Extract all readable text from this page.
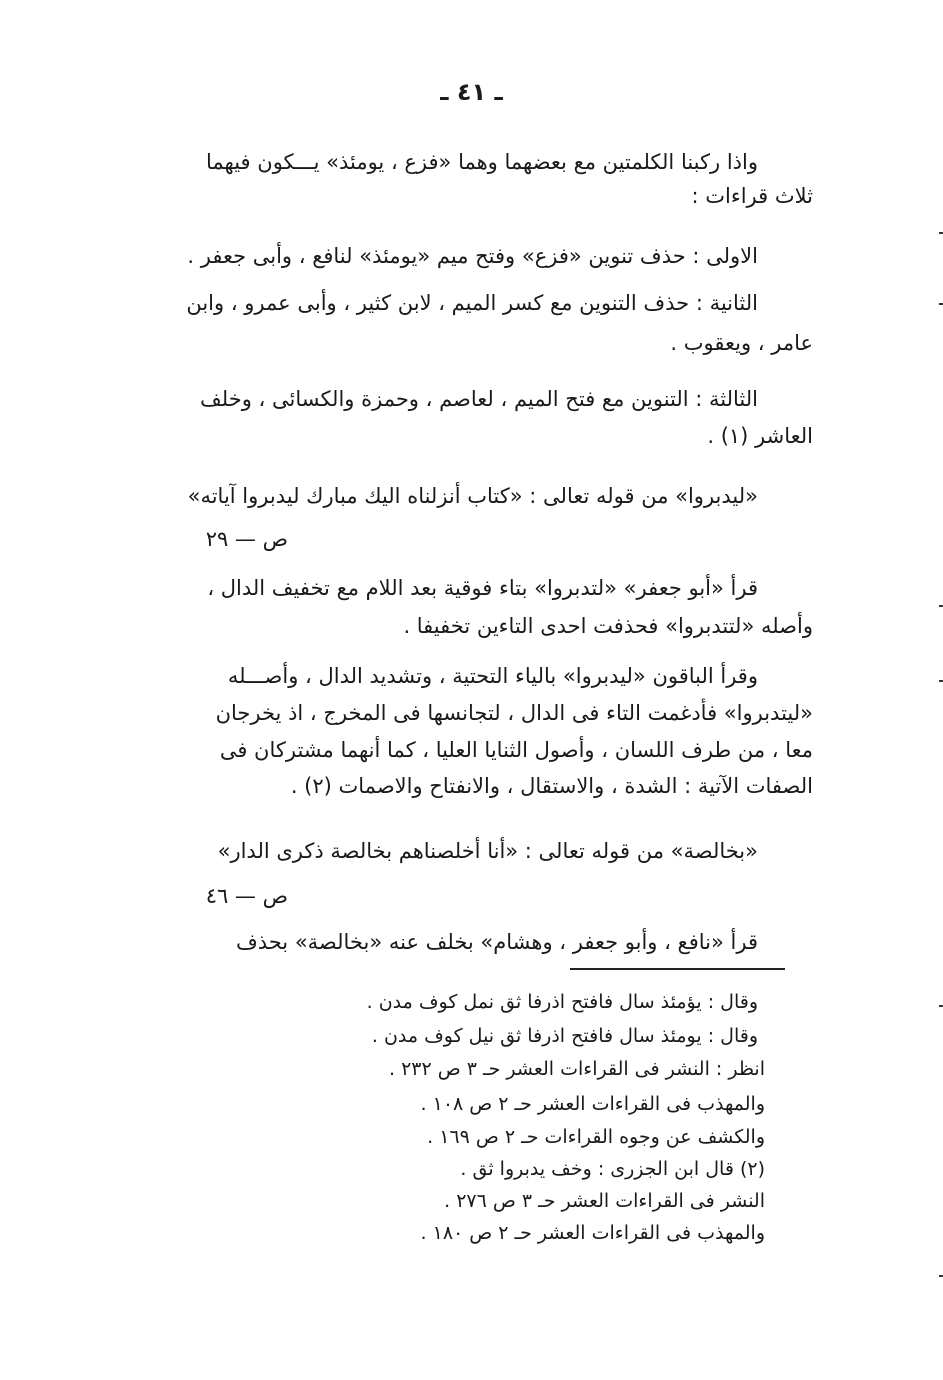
ـ ٤١ ـ
واذا ركبنا الكلمتين مع بعضهما وهما «فزع ، يومئذ» يـــكون فيهما
ثلاث قراءات :
الاولى : حذف تنوين «فزع» وفتح ميم «يومئذ» لنافع ، وأبى جعفر .
الثانية : حذف التنوين مع كسر الميم ، لابن كثير ، وأبى عمرو ، وابن
عامر ، ويعقوب .
الثالثة : التنوين مع فتح الميم ، لعاصم ، وحمزة والكسائى ، وخلف
العاشر (١) .
«ليدبروا» من قوله تعالى : «كتاب أنزلناه اليك مبارك ليدبروا آياته»
ص — ٢٩
قرأ «أبو جعفر» «لتدبروا» بتاء فوقية بعد اللام مع تخفيف الدال ،
وأصله «لتتدبروا» فحذفت احدى التاءين تخفيفا .
وقرأ الباقون «ليدبروا» بالياء التحتية ، وتشديد الدال ، وأصـــله
«ليتدبروا» فأدغمت التاء فى الدال ، لتجانسها فى المخرج ، اذ يخرجان
معا ، من طرف اللسان ، وأصول الثنايا العليا ، كما أنهما مشتركان فى
الصفات الآتية : الشدة ، والاستقال ، والانفتاح والاصمات (٢) .
«بخالصة» من قوله تعالى : «أنا أخلصناهم بخالصة ذكرى الدار»
ص — ٤٦
قرأ «نافع ، وأبو جعفر ، وهشام» بخلف عنه «بخالصة» بحذف
وقال : يؤمئذ سال فافتح اذرفا ثق نمل كوف مدن .
وقال : يومئذ سال فافتح اذرفا ثق نيل كوف مدن .
انظر : النشر فى القراءات العشر حـ ٣ ص ٢٣٢ .
والمهذب فى القراءات العشر حـ ٢ ص ١٠٨ .
والكشف عن وجوه القراءات حـ ٢ ص ١٦٩ .
(٢) قال ابن الجزرى : وخف يدبروا ثق .
النشر فى القراءات العشر حـ ٣ ص ٢٧٦ .
والمهذب فى القراءات العشر حـ ٢ ص ١٨٠ .
